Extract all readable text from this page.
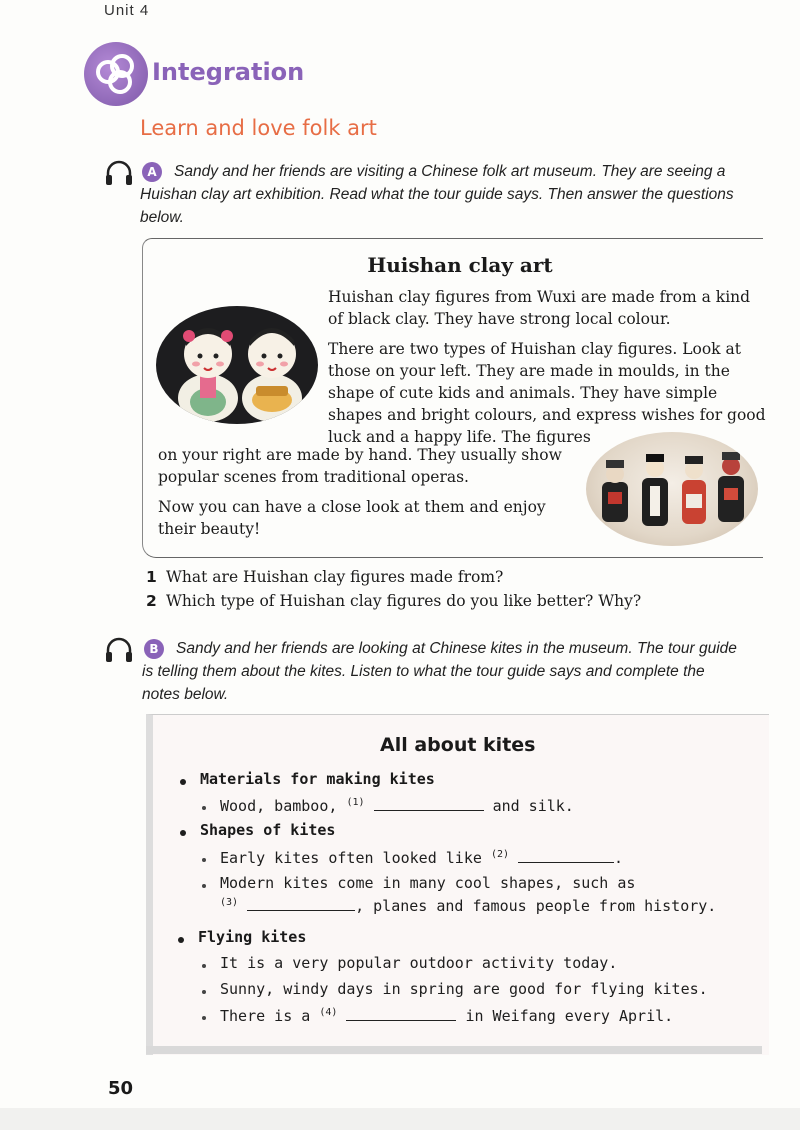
Unit 4
Integration
Learn and love folk art
A	Sandy and her friends are visiting a Chinese folk art museum. They are seeing a
Huishan clay art exhibition. Read what the tour guide says. Then answer the questions
below.
Huishan clay art
Huishan clay figures from Wuxi are made from a kind
of black clay. They have strong local colour.
There are two types of Huishan clay figures. Look at
those on your left. They are made in moulds, in the
shape of cute kids and animals. They have simple
shapes and bright colours, and express wishes for good
luck and a happy life. The figures
on your right are made by hand. They usually show
popular scenes from traditional operas.
Now you can have a close look at them and enjoy
their beauty!
1 What are Huishan clay figures made from?
2 Which type of Huishan clay figures do you like better? Why?
B	Sandy and her friends are looking at Chinese kites in the museum. The tour guide
is telling them about the kites. Listen to what the tour guide says and complete the
notes below.
All about kites
Materials for making kites
Wood, bamboo, $^{(1)}$	and silk.
Shapes of kites
Early kites often looked like $^{(2)}$	.
Modern kites come in many cool shapes, such as
$^{(3)}$	, planes and famous people from history.
Flying kites
It is a very popular outdoor activity today.
Sunny, windy days in spring are good for flying kites.
There is a $^{(4)}$	in Weifang every April.
50
